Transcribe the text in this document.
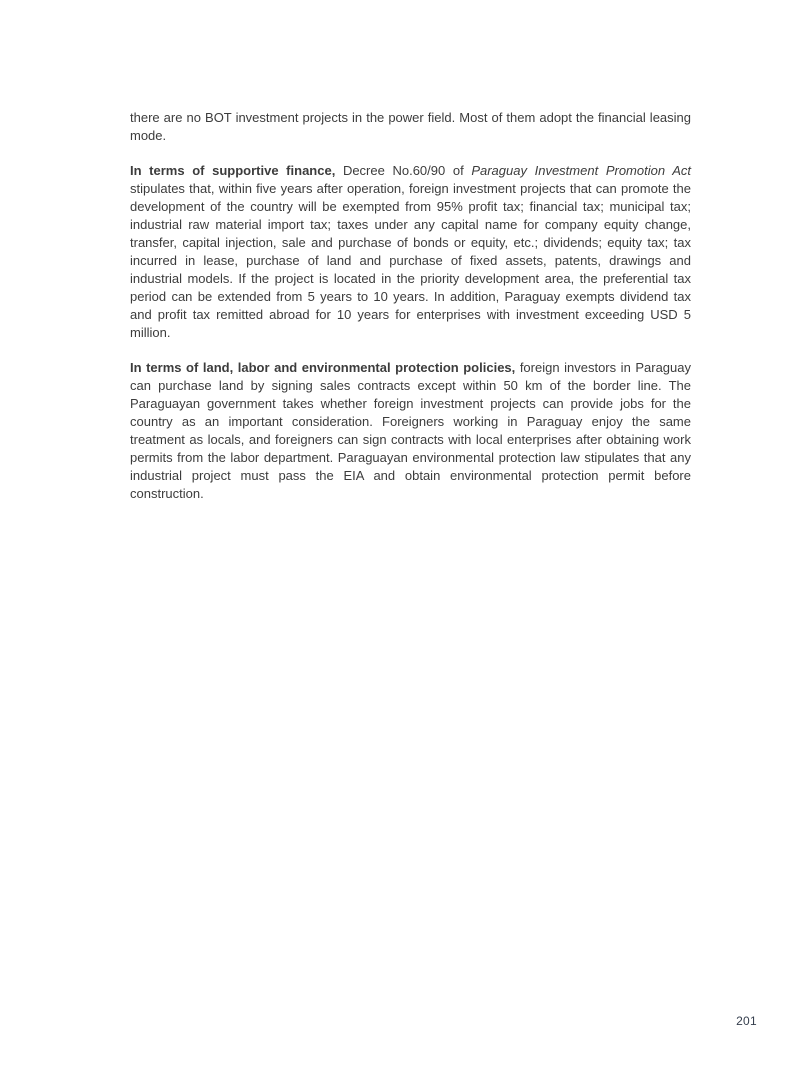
there are no BOT investment projects in the power field. Most of them adopt the financial leasing mode.

In terms of supportive finance, Decree No.60/90 of Paraguay Investment Promotion Act stipulates that, within five years after operation, foreign investment projects that can promote the development of the country will be exempted from 95% profit tax; financial tax; municipal tax; industrial raw material import tax; taxes under any capital name for company equity change, transfer, capital injection, sale and purchase of bonds or equity, etc.; dividends; equity tax; tax incurred in lease, purchase of land and purchase of fixed assets, patents, drawings and industrial models. If the project is located in the priority development area, the preferential tax period can be extended from 5 years to 10 years. In addition, Paraguay exempts dividend tax and profit tax remitted abroad for 10 years for enterprises with investment exceeding USD 5 million.

In terms of land, labor and environmental protection policies, foreign investors in Paraguay can purchase land by signing sales contracts except within 50 km of the border line. The Paraguayan government takes whether foreign investment projects can provide jobs for the country as an important consideration. Foreigners working in Paraguay enjoy the same treatment as locals, and foreigners can sign contracts with local enterprises after obtaining work permits from the labor department. Paraguayan environmental protection law stipulates that any industrial project must pass the EIA and obtain environmental protection permit before construction.

201
